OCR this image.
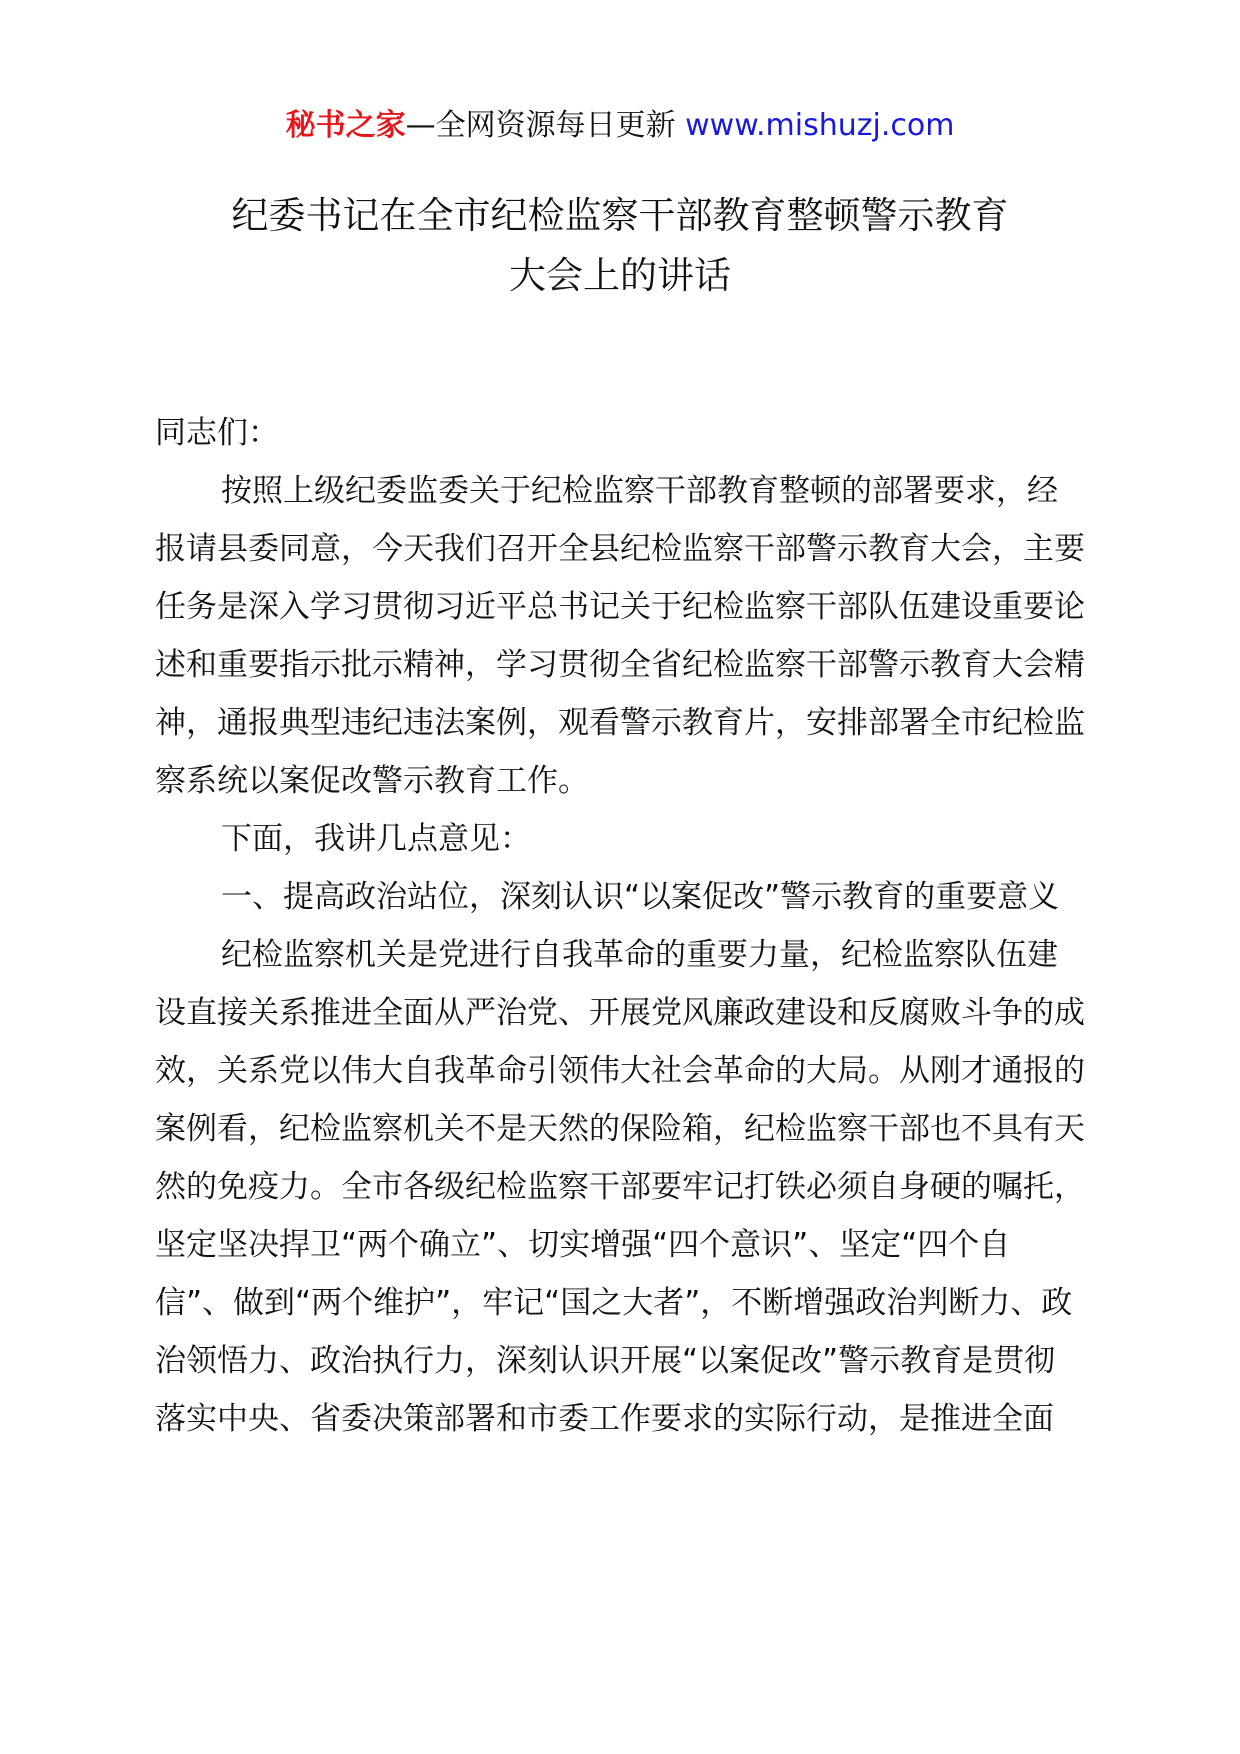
秘书之家—全网资源每日更新 www.mishuzj.com
纪委书记在全市纪检监察干部教育整顿警示教育
大会上的讲话

同志们：

按照上级纪委监委关于纪检监察干部教育整顿的部署要求，经报请县委同意，今天我们召开全县纪检监察干部警示教育大会，主要任务是深入学习贯彻习近平总书记关于纪检监察干部队伍建设重要论述和重要指示批示精神，学习贯彻全省纪检监察干部警示教育大会精神，通报典型违纪违法案例，观看警示教育片，安排部署全市纪检监察系统以案促改警示教育工作。

下面，我讲几点意见：

一、提高政治站位，深刻认识“以案促改”警示教育的重要意义

纪检监察机关是党进行自我革命的重要力量，纪检监察队伍建设直接关系推进全面从严治党、开展党风廉政建设和反腐败斗争的成效，关系党以伟大自我革命引领伟大社会革命的大局。从刚才通报的案例看，纪检监察机关不是天然的保险箱，纪检监察干部也不具有天然的免疫力。全市各级纪检监察干部要牢记打铁必须自身硬的嘱托，坚定坚决捍卫“两个确立”、切实增强“四个意识”、坚定“四个自信”、做到“两个维护”，牢记“国之大者”，不断增强政治判断力、政治领悟力、政治执行力，深刻认识开展“以案促改”警示教育是贯彻落实中央、省委决策部署和市委工作要求的实际行动，是推进全面
